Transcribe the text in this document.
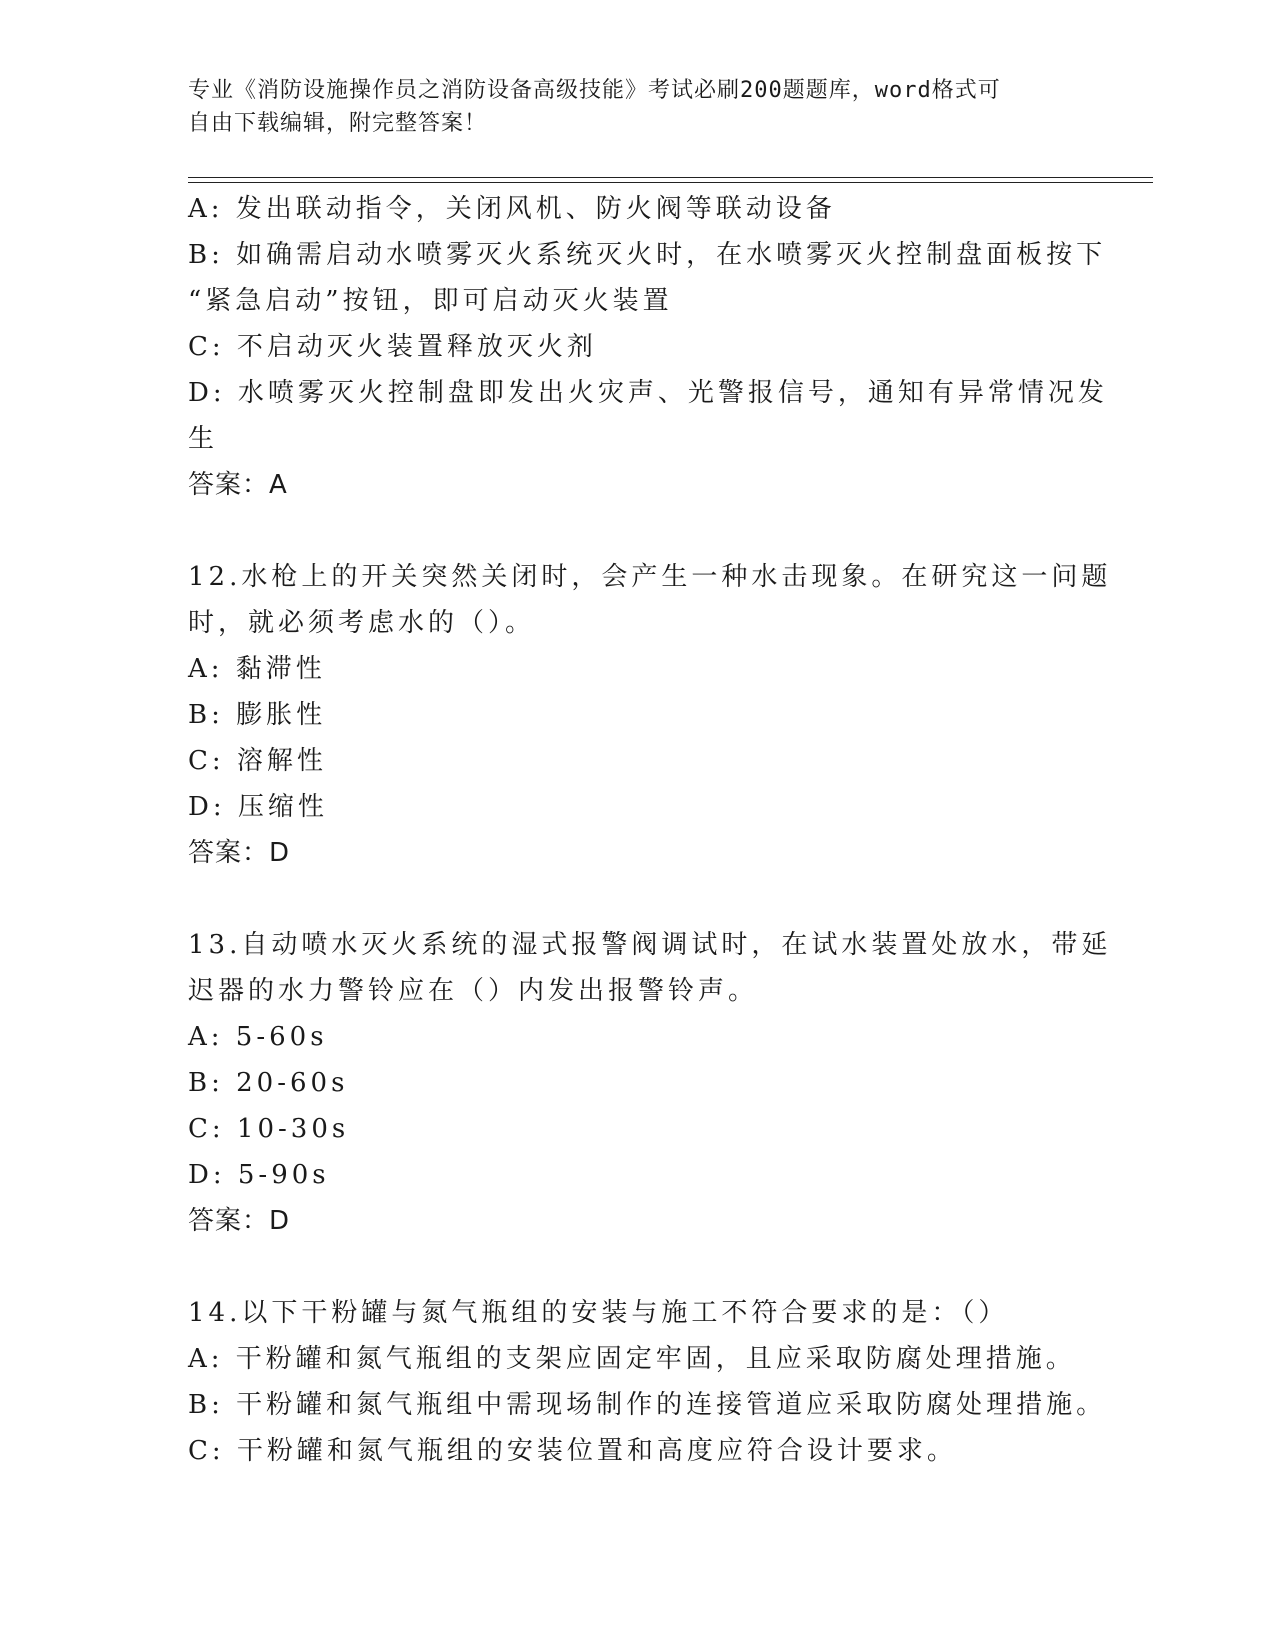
专业《消防设施操作员之消防设备高级技能》考试必刷200题题库，word格式可

自由下载编辑，附完整答案！

A: 发出联动指令，关闭风机、防火阀等联动设备

B: 如确需启动水喷雾灭火系统灭火时，在水喷雾灭火控制盘面板按下

“紧急启动”按钮，即可启动灭火装置

C: 不启动灭火装置释放灭火剂

D: 水喷雾灭火控制盘即发出火灾声、光警报信号，通知有异常情况发

生

答案：A

12.水枪上的开关突然关闭时，会产生一种水击现象。在研究这一问题

时，就必须考虑水的（）。

A: 黏滞性

B: 膨胀性

C: 溶解性

D: 压缩性

答案：D

13.自动喷水灭火系统的湿式报警阀调试时，在试水装置处放水，带延

迟器的水力警铃应在（）内发出报警铃声。

A: 5-60s

B: 20-60s

C: 10-30s

D: 5-90s

答案：D

14.以下干粉罐与氮气瓶组的安装与施工不符合要求的是：（）

A: 干粉罐和氮气瓶组的支架应固定牢固，且应采取防腐处理措施。

B: 干粉罐和氮气瓶组中需现场制作的连接管道应采取防腐处理措施。

C: 干粉罐和氮气瓶组的安装位置和高度应符合设计要求。
